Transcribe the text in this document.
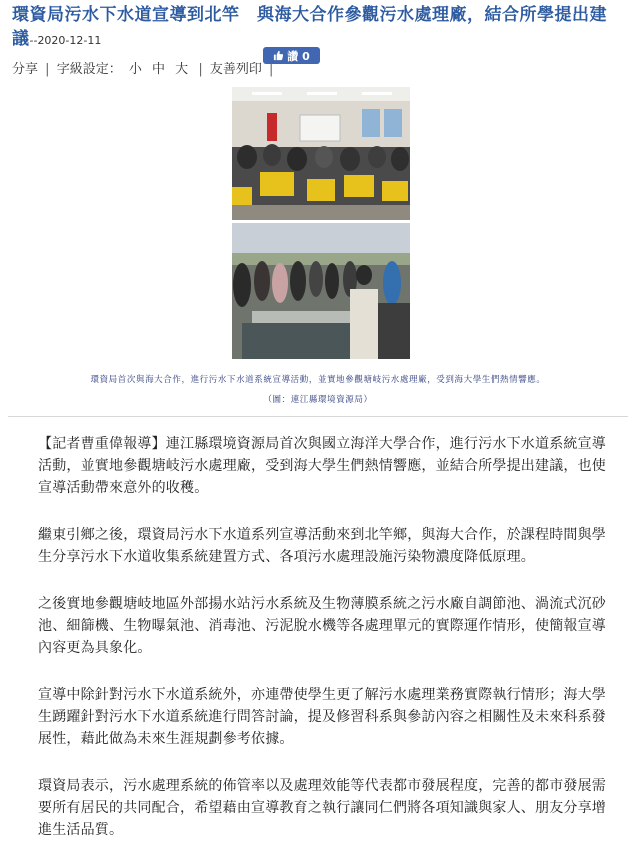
環資局污水下水道宣導到北竿　與海大合作參觀污水處理廠，結合所學提出建議--2020-12-11
讚 0
分享 | 字級設定： 小 中 大 | 友善列印 |
環資局首次與海大合作，進行污水下水道系統宣導活動，並實地參觀塘岐污水處理廠，受到海大學生們熱情響應。
（圖：連江縣環境資源局）

【記者曹重偉報導】連江縣環境資源局首次與國立海洋大學合作，進行污水下水道系統宣導活動，並實地參觀塘岐污水處理廠，受到海大學生們熱情響應，並結合所學提出建議，也使宣導活動帶來意外的收穫。

繼東引鄉之後，環資局污水下水道系列宣導活動來到北竿鄉，與海大合作，於課程時間與學生分享污水下水道收集系統建置方式、各項污水處理設施污染物濃度降低原理。

之後實地參觀塘岐地區外部揚水站污水系統及生物薄膜系統之污水廠自調節池、渦流式沉砂池、細篩機、生物曝氣池、消毒池、污泥脫水機等各處理單元的實際運作情形，使簡報宣導內容更為具象化。

宣導中除針對污水下水道系統外，亦連帶使學生更了解污水處理業務實際執行情形；海大學生踴躍針對污水下水道系統進行問答討論，提及修習科系與參訪內容之相關性及未來科系發展性，藉此做為未來生涯規劃參考依據。

環資局表示，污水處理系統的佈管率以及處理效能等代表都市發展程度，完善的都市發展需要所有居民的共同配合，希望藉由宣導教育之執行讓同仁們將各項知識與家人、朋友分享增進生活品質。
